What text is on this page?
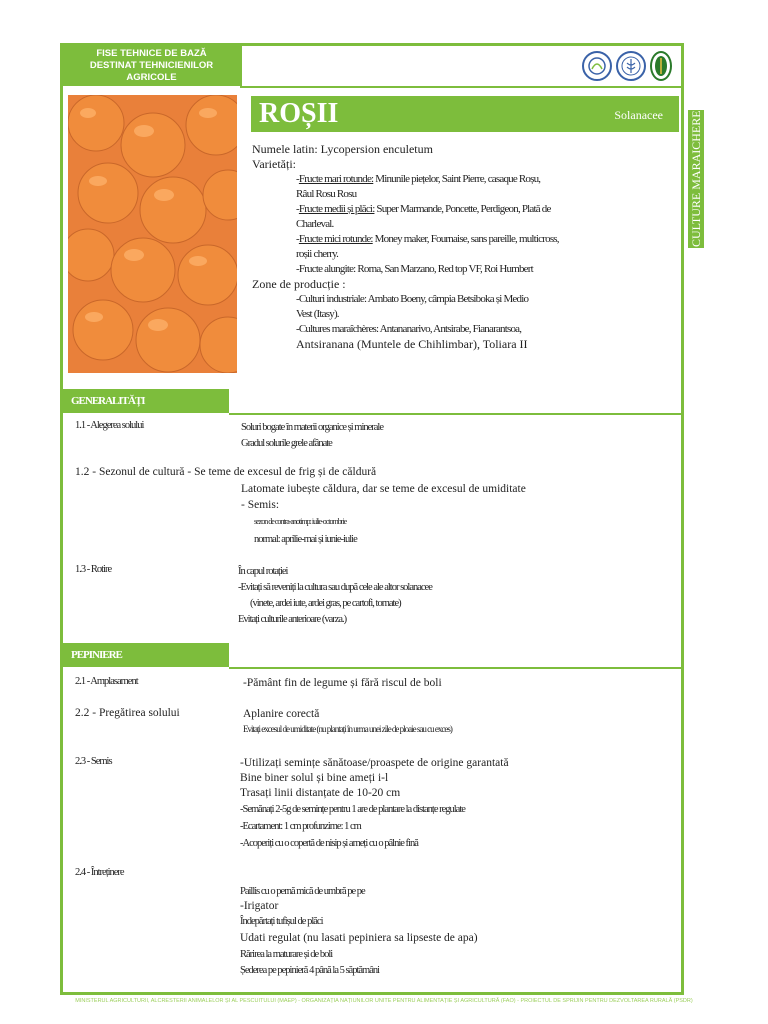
FISE TEHNICE DE BAZĂ
DESTINAT TEHNICIENILOR
AGRICOLE
ROȘII	Solanacee CULTURE MARAICHERE
Numele latin: Lycopersion enculetum
Varietăți:
-Fructe mari rotunde: Minunile piețelor, Saint Pierre, casaque Roșu,
Râul Rosu Rosu
-Fructe medii și plăci: Super Marmande, Poncette, Perdigeon, Plată de
Charleval.
-Fructe mici rotunde: Money maker, Fournaise, sans pareille, multicross,
roșii cherry.
-Fructe alungite: Roma, San Marzano, Red top VF, Roi Humbert
Zone de producție :
-Culturi industriale: Ambato Boeny, câmpia Betsiboka și Medio
Vest (Itasy).
-Cultures maraîchères: Antananarivo, Antsirabe, Fianarantsoa,
Antsiranana (Muntele de Chihlimbar), Toliara II
GENERALITĂȚI
1.1 - Alegerea solului	Soluri bogate în materii organice și minerale
Gradul solurile grele afânate
1.2 - Sezonul de cultură - Se teme de excesul de frig și de căldură
Latomate iubește căldura, dar se teme de excesul de umiditate
- Semis:
sezon de contra-anotimp: iulie-octombrie
normal: aprilie-mai și iunie-iulie
1.3 - Rotire	În capul rotației
-Evitați să reveniți la cultura sau după cele ale altor solanacee
(vinete, ardei iute, ardei gras, pe cartofi, tomate)
Evitați culturile anterioare (varza.)
PEPINIERE
2.1 - Amplasament	-Pământ fin de legume și fără riscul de boli
2.2 - Pregătirea solului	Aplanire corectă
Evitați excesul de umiditate (nu plantați în urma unei zile de ploaie sau cu exces)
2.3 - Semis	-Utilizați semințe sănătoase/proaspete de origine garantată
Bine biner solul și bine ameți i-l
Trasați linii distanțate de 10-20 cm
-Semănați 2-5g de semințe pentru 1 are de plantare la distanțe regulate
-Ecartament: 1 cm profunzime: 1 cm
-Acoperiți cu o copertă de nisip și ameți cu o pâlnie fină
2.4 - Întreținere
Paillis cu o pernă mică de umbră pe pe
-Irigator
Îndepărtați tufișul de plăci
Udati regulat (nu lasati pepiniera sa lipseste de apa)
Rărirea la maturare și de boli
Șederea pe pepinieră 4 până la 5 săptămâni
MINISTERUL AGRICULTURII, ALCRESTERII ANIMALELOR ȘI AL PESCUITULUI (MAEP) - ORGANIZAȚIA NAȚIUNILOR UNITE PENTRU ALIMENTAȚIE ȘI AGRICULTURĂ (FAO) - PROIECTUL DE SPRIJIN PENTRU DEZVOLTAREA RURALĂ (PSDR)
